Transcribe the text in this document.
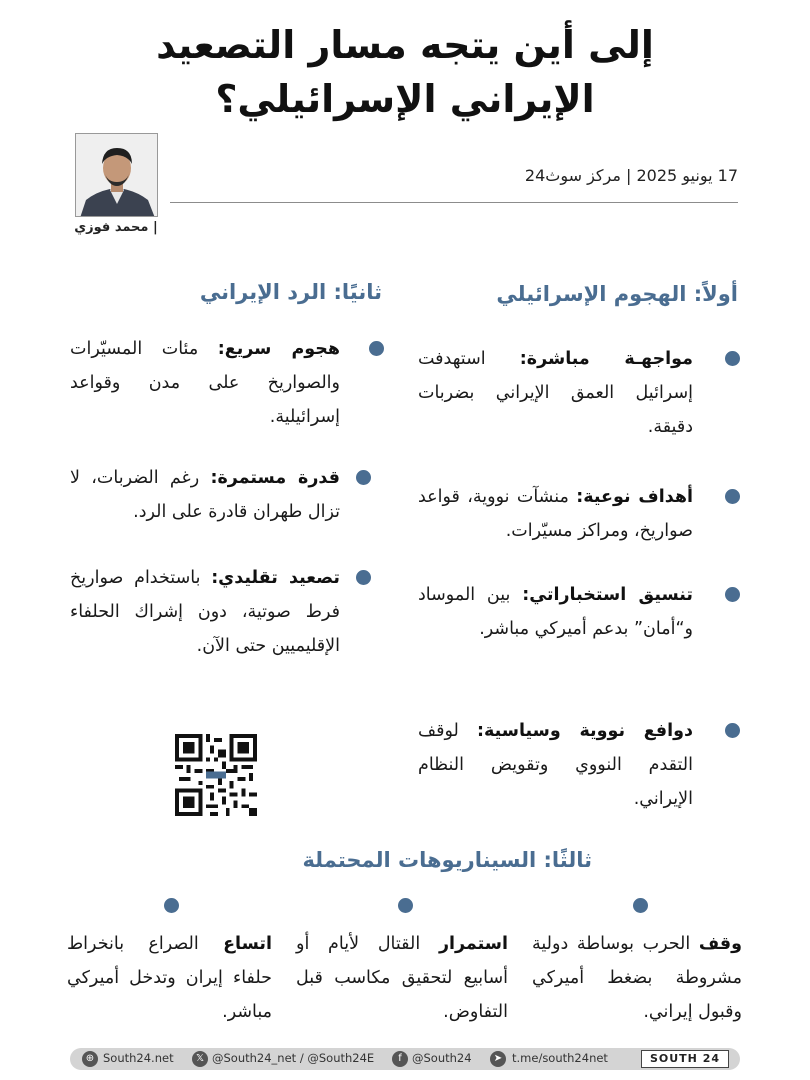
إلى أين يتجه مسار التصعيد
الإيراني الإسرائيلي؟
| محمد فوزي
17 يونيو 2025 | مركز سوث24
أولاً: الهجوم الإسرائيلي
مواجهـة مباشرة: استهدفت إسرائيل العمق الإيراني بضربات دقيقة.
أهداف نوعية: منشآت نووية، قواعد صواريخ، ومراكز مسيّرات.
تنسيق استخباراتي: بين الموساد و“أمان” بدعم أميركي مباشر.
دوافع نووية وسياسية: لوقف التقدم النووي وتقويض النظام الإيراني.
ثانيًا: الرد الإيراني
هجوم سريع: مئات المسيّرات والصواريخ على مدن وقواعد إسرائيلية.
قدرة مستمرة: رغم الضربات، لا تزال طهران قادرة على الرد.
تصعيد تقليدي: باستخدام صواريخ فرط صوتية، دون إشراك الحلفاء الإقليميين حتى الآن.
ثالثًا: السيناريوهات المحتملة
وقف الحرب بوساطة دولية مشروطة بضغط أميركي وقبول إيراني.
استمرار القتال لأيام أو أسابيع لتحقيق مكاسب قبل التفاوض.
اتساع الصراع بانخراط حلفاء إيران وتدخل أميركي مباشر.
⊕ South24.net	𝕏 @South24_net / @South24E	f @South24	➤ t.me/south24net	SOUTH 24
